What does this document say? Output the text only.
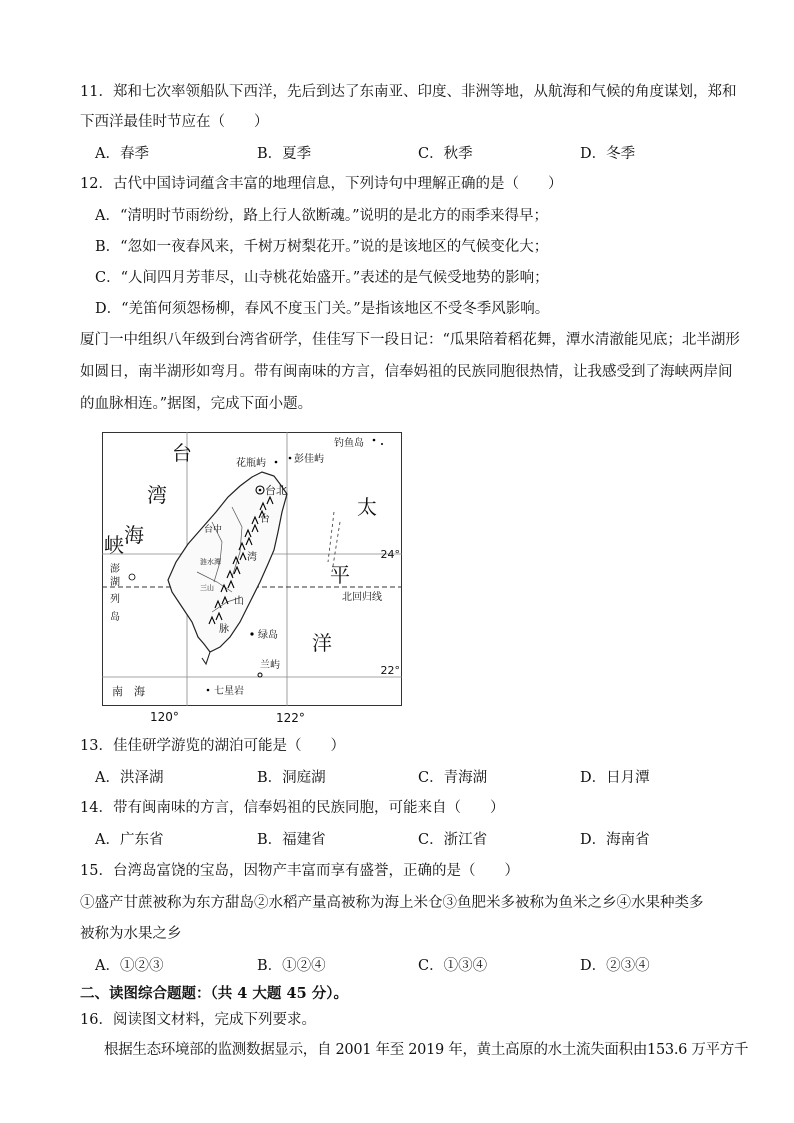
11．郑和七次率领船队下西洋，先后到达了东南亚、印度、非洲等地，从航海和气候的角度谋划，郑和
下西洋最佳时节应在（　　）
A．春季	B．夏季	C．秋季	D．冬季
12．古代中国诗词蕴含丰富的地理信息，下列诗句中理解正确的是（　　）
A．“清明时节雨纷纷，路上行人欲断魂。”说明的是北方的雨季来得早；
B．“忽如一夜春风来，千树万树梨花开。”说的是该地区的气候变化大；
C．“人间四月芳菲尽，山寺桃花始盛开。”表述的是气候受地势的影响；
D．“羌笛何须怨杨柳，春风不度玉门关。”是指该地区不受冬季风影响。
厦门一中组织八年级到台湾省研学，佳佳写下一段日记：“瓜果陪着稻花舞，潭水清澈能见底；北半湖形
如圆日，南半湖形如弯月。带有闽南味的方言，信奉妈祖的民族同胞很热情，让我感受到了海峡两岸间
的血脉相连。”据图，完成下面小题。
台
湾
海
峡
太
平
洋
澎
湖
列
岛
钓鱼岛
花瓶屿	彭佳屿
台北
台中
涟水潭
三山
台
湾
山
脉
绿岛
兰屿
七星岩
南　海
北回归线
24°
22°
120°	122°
13．佳佳研学游览的湖泊可能是（　　）
A．洪泽湖	B．洞庭湖	C．青海湖	D．日月潭
14．带有闽南味的方言，信奉妈祖的民族同胞，可能来自（　　）
A．广东省	B．福建省	C．浙江省	D．海南省
15．台湾岛富饶的宝岛，因物产丰富而享有盛誉，正确的是（　　）
①盛产甘蔗被称为东方甜岛②水稻产量高被称为海上米仓③鱼肥米多被称为鱼米之乡④水果种类多
被称为水果之乡
A．①②③	B．①②④	C．①③④	D．②③④
二、读图综合题题：（共 4 大题 45 分）。
16．阅读图文材料，完成下列要求。
根据生态环境部的监测数据显示，自 2001 年至 2019 年，黄土高原的水土流失面积由153.6 万平方千
